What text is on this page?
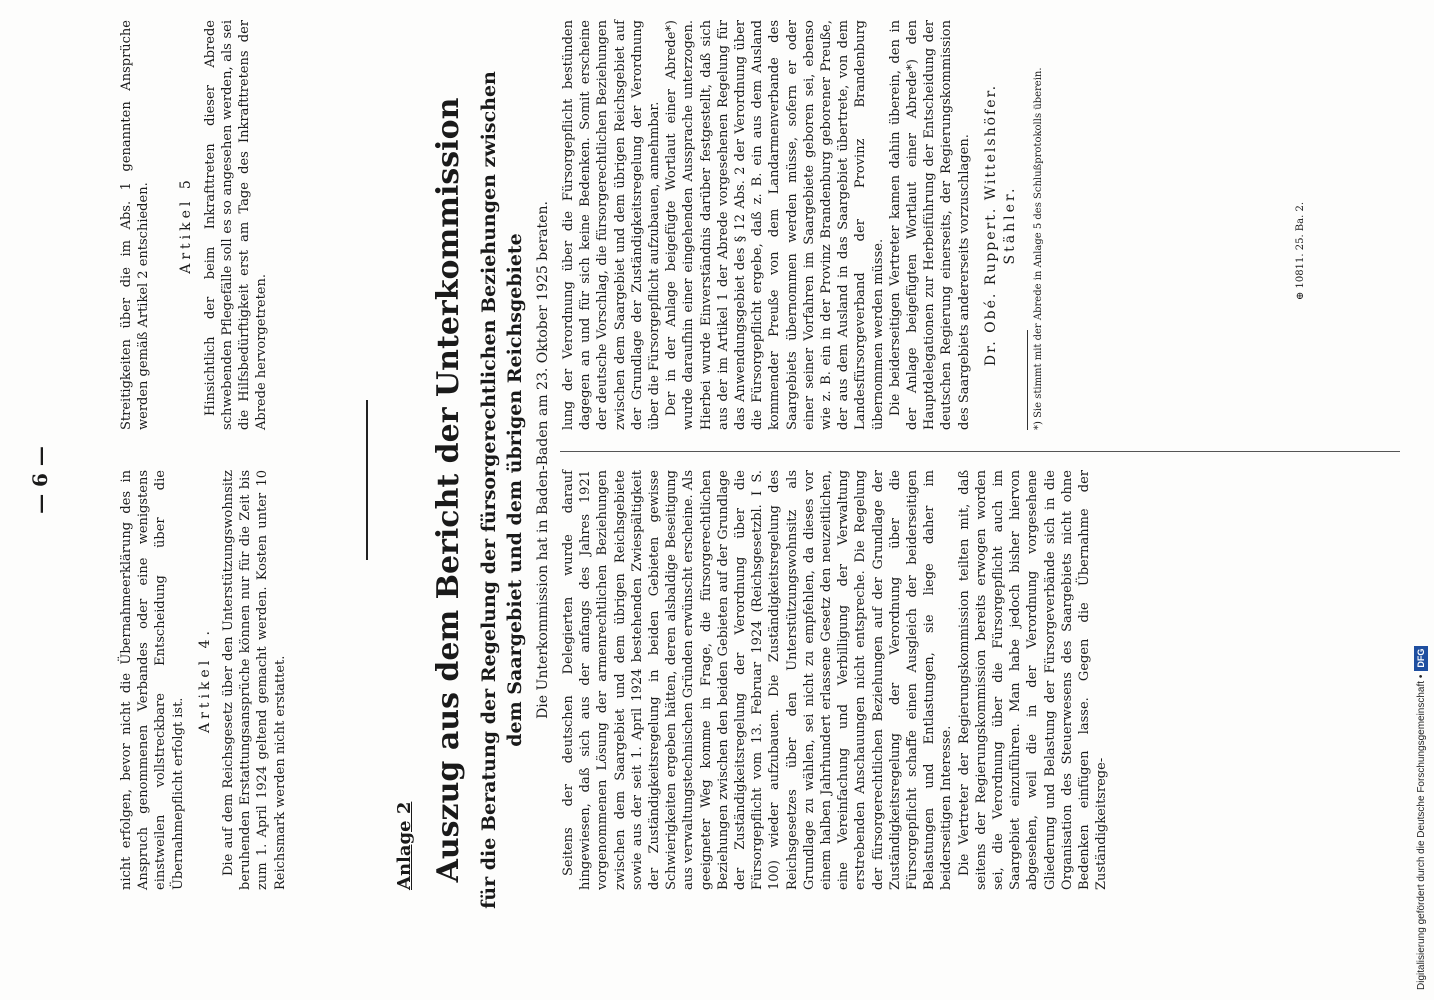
— 6 —	nicht erfolgen, bevor nicht die Übernahmeerklärung des in Anspruch genommenen Verbandes oder eine wenigstens einstweilen vollstreckbare Entscheidung über die Übernahmepflicht erfolgt ist.

Artikel 4. Die auf dem Reichsgesetz über den Unterstützungswohnsitz beruhenden Erstattungsansprüche können nur für die Zeit bis zum 1. April 1924 geltend gemacht werden. Kosten unter 10 Reichsmark werden nicht erstattet.

Streitigkeiten über die im Abs. 1 genannten Ansprüche werden gemäß Artikel 2 entschieden. Artikel 5 Hinsichtlich der beim Inkrafttreten dieser Abrede schwebenden Pflegefälle soll es so angesehen werden, als sei die Hilfsbedürftigkeit erst am Tage des Inkrafttretens der Abrede hervorgetreten.

Anlage 2 Auszug aus dem Bericht der Unterkommission für die Beratung der Regelung der fürsorgerechtlichen Beziehungen zwischen dem Saargebiet und dem übrigen Reichsgebiete Die Unterkommission hat in Baden-Baden am 23. Oktober 1925 beraten. Seitens der deutschen Delegierten wurde darauf hingewiesen, daß sich aus der anfangs des Jahres 1921 vorgenommenen Lösung der armenrechtlichen Beziehungen zwischen dem Saargebiet und dem übrigen Reichsgebiete sowie aus der seit 1. April 1924 bestehenden Zwiespältigkeit der Zuständigkeitsregelung in beiden Gebieten gewisse Schwierigkeiten ergeben hätten, deren alsbaldige Beseitigung aus verwaltungstechnischen Gründen erwünscht erscheine. Als geeigneter Weg komme in Frage, die fürsorgerechtlichen Beziehungen zwischen den beiden Gebieten auf der Grundlage der Zuständigkeitsregelung der Verordnung über die Fürsorgepflicht vom 13. Februar 1924 (Reichsgesetzbl. I S. 100) wieder aufzubauen. Die Zuständigkeitsregelung des Reichsgesetzes über den Unterstützungswohnsitz als Grundlage zu wählen, sei nicht zu empfehlen, da dieses vor einem halben Jahrhundert erlassene Gesetz den neuzeitlichen, eine Vereinfachung und Verbilligung der Verwaltung erstrebenden Anschauungen nicht entspreche. Die Regelung der fürsorgerechtlichen Beziehungen auf der Grundlage der Zuständigkeitsregelung der Verordnung über die Fürsorgepflicht schaffe einen Ausgleich der beiderseitigen Belastungen und Entlastungen, sie liege daher im beiderseitigen Interesse. Die Vertreter der Regierungskommission teilten mit, daß seitens der Regierungskommission bereits erwogen worden sei, die Verordnung über die Fürsorgepflicht auch im Saargebiet einzuführen. Man habe jedoch bisher hiervon abgesehen, weil die in der Verordnung vorgesehene Gliederung und Belastung der Fürsorgeverbände sich in die Organisation des Steuerwesens des Saargebiets nicht ohne Bedenken einfügen lasse. Gegen die Übernahme der Zuständigkeitsrege-

lung der Verordnung über die Fürsorgepflicht bestünden dagegen an und für sich keine Bedenken. Somit erscheine der deutsche Vorschlag, die fürsorgerechtlichen Beziehungen zwischen dem Saargebiet und dem übrigen Reichsgebiet auf der Grundlage der Zuständigkeitsregelung der Verordnung über die Fürsorgepflicht aufzubauen, annehmbar. Der in der Anlage beigefügte Wortlaut einer Abrede*) wurde daraufhin einer eingehenden Aussprache unterzogen. Hierbei wurde Einverständnis darüber festgestellt, daß sich aus der im Artikel 1 der Abrede vorgesehenen Regelung für das Anwendungsgebiet des § 12 Abs. 2 der Verordnung über die Fürsorgepflicht ergebe, daß z. B. ein aus dem Ausland kommender Preuße von dem Landarmenverbande des Saargebiets übernommen werden müsse, sofern er oder einer seiner Vorfahren im Saargebiete geboren sei, ebenso wie z. B. ein in der Provinz Brandenburg geborener Preuße, der aus dem Ausland in das Saargebiet übertrete, von dem Landesfürsorgeverband der Provinz Brandenburg übernommen werden müsse. Die beiderseitigen Vertreter kamen dahin überein, den in der Anlage beigefügten Wortlaut einer Abrede*) den Hauptdelegationen zur Herbeiführung der Entscheidung der deutschen Regierung einerseits, der Regierungskommission des Saargebiets andererseits vorzuschlagen. Dr. Obé. Ruppert. Wittelshöfer. Stähler. *) Sie stimmt mit der Abrede in Anlage 5 des Schlußprotokolls überein.	⊕ 10811. 25. Ba. 2.
Digitalisierung gefördert durch die Deutsche Forschungsgemeinschaft •DFG
